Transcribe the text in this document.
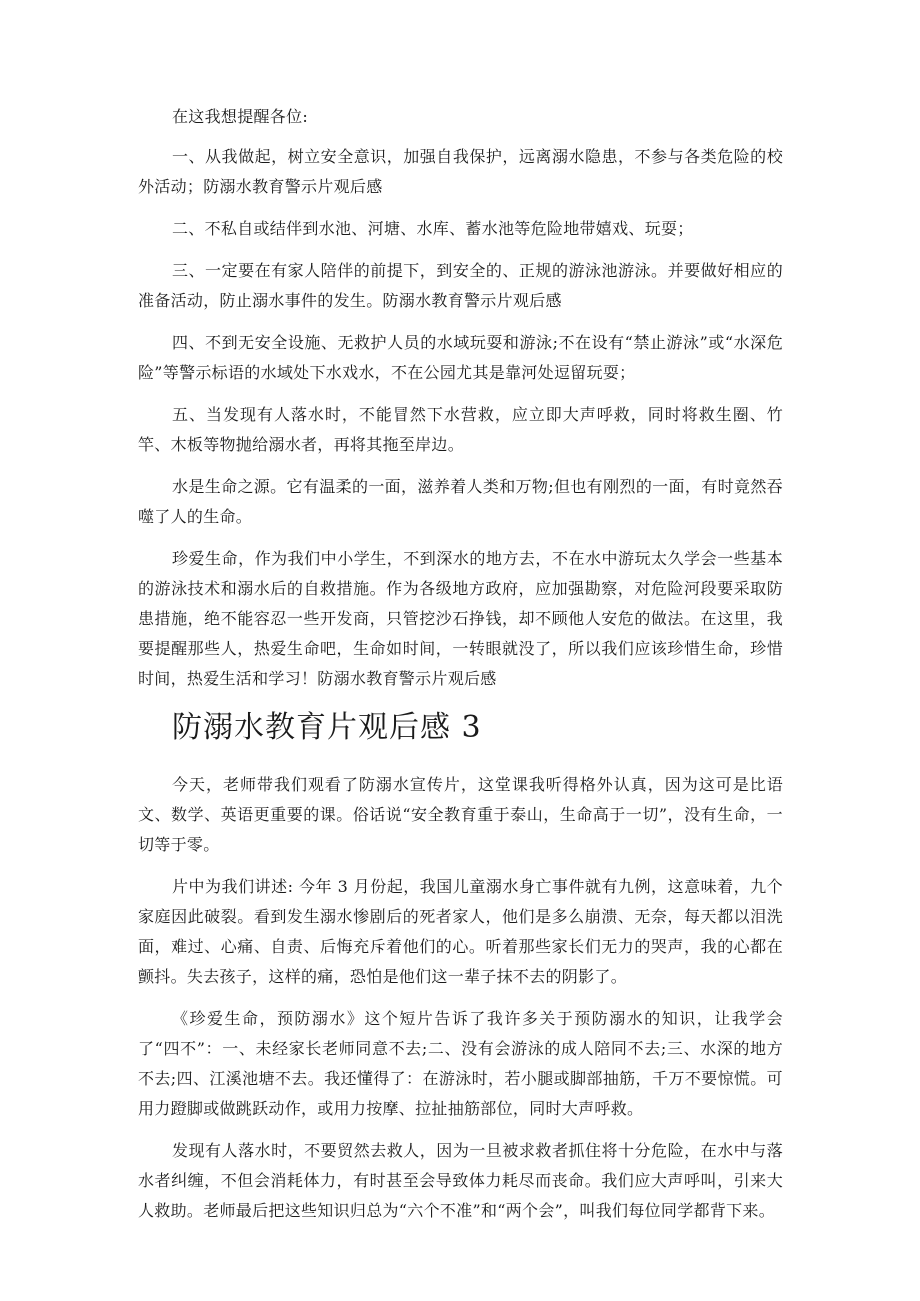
在这我想提醒各位:

一、从我做起，树立安全意识，加强自我保护，远离溺水隐患，不参与各类危险的校外活动；防溺水教育警示片观后感

二、不私自或结伴到水池、河塘、水库、蓄水池等危险地带嬉戏、玩耍；

三、一定要在有家人陪伴的前提下，到安全的、正规的游泳池游泳。并要做好相应的准备活动，防止溺水事件的发生。防溺水教育警示片观后感

四、不到无安全设施、无救护人员的水域玩耍和游泳;不在设有“禁止游泳”或“水深危险”等警示标语的水域处下水戏水，不在公园尤其是靠河处逗留玩耍；

五、当发现有人落水时，不能冒然下水营救，应立即大声呼救，同时将救生圈、竹竿、木板等物抛给溺水者，再将其拖至岸边。

水是生命之源。它有温柔的一面，滋养着人类和万物;但也有刚烈的一面，有时竟然吞噬了人的生命。

珍爱生命，作为我们中小学生，不到深水的地方去，不在水中游玩太久学会一些基本的游泳技术和溺水后的自救措施。作为各级地方政府，应加强勘察，对危险河段要采取防患措施，绝不能容忍一些开发商，只管挖沙石挣钱，却不顾他人安危的做法。在这里，我要提醒那些人，热爱生命吧，生命如时间，一转眼就没了，所以我们应该珍惜生命，珍惜时间，热爱生活和学习！防溺水教育警示片观后感

防溺水教育片观后感 3

今天，老师带我们观看了防溺水宣传片，这堂课我听得格外认真，因为这可是比语文、数学、英语更重要的课。俗话说“安全教育重于泰山，生命高于一切”，没有生命，一切等于零。

片中为我们讲述: 今年 3 月份起，我国儿童溺水身亡事件就有九例，这意味着，九个家庭因此破裂。看到发生溺水惨剧后的死者家人，他们是多么崩溃、无奈，每天都以泪洗面，难过、心痛、自责、后悔充斥着他们的心。听着那些家长们无力的哭声，我的心都在颤抖。失去孩子，这样的痛，恐怕是他们这一辈子抹不去的阴影了。

《珍爱生命，预防溺水》这个短片告诉了我许多关于预防溺水的知识，让我学会了“四不”：一、未经家长老师同意不去;二、没有会游泳的成人陪同不去;三、水深的地方不去;四、江溪池塘不去。我还懂得了：在游泳时，若小腿或脚部抽筋，千万不要惊慌。可用力蹬脚或做跳跃动作，或用力按摩、拉扯抽筋部位，同时大声呼救。

发现有人落水时，不要贸然去救人，因为一旦被求救者抓住将十分危险，在水中与落水者纠缠，不但会消耗体力，有时甚至会导致体力耗尽而丧命。我们应大声呼叫，引来大人救助。老师最后把这些知识归总为“六个不准”和“两个会”，叫我们每位同学都背下来。
